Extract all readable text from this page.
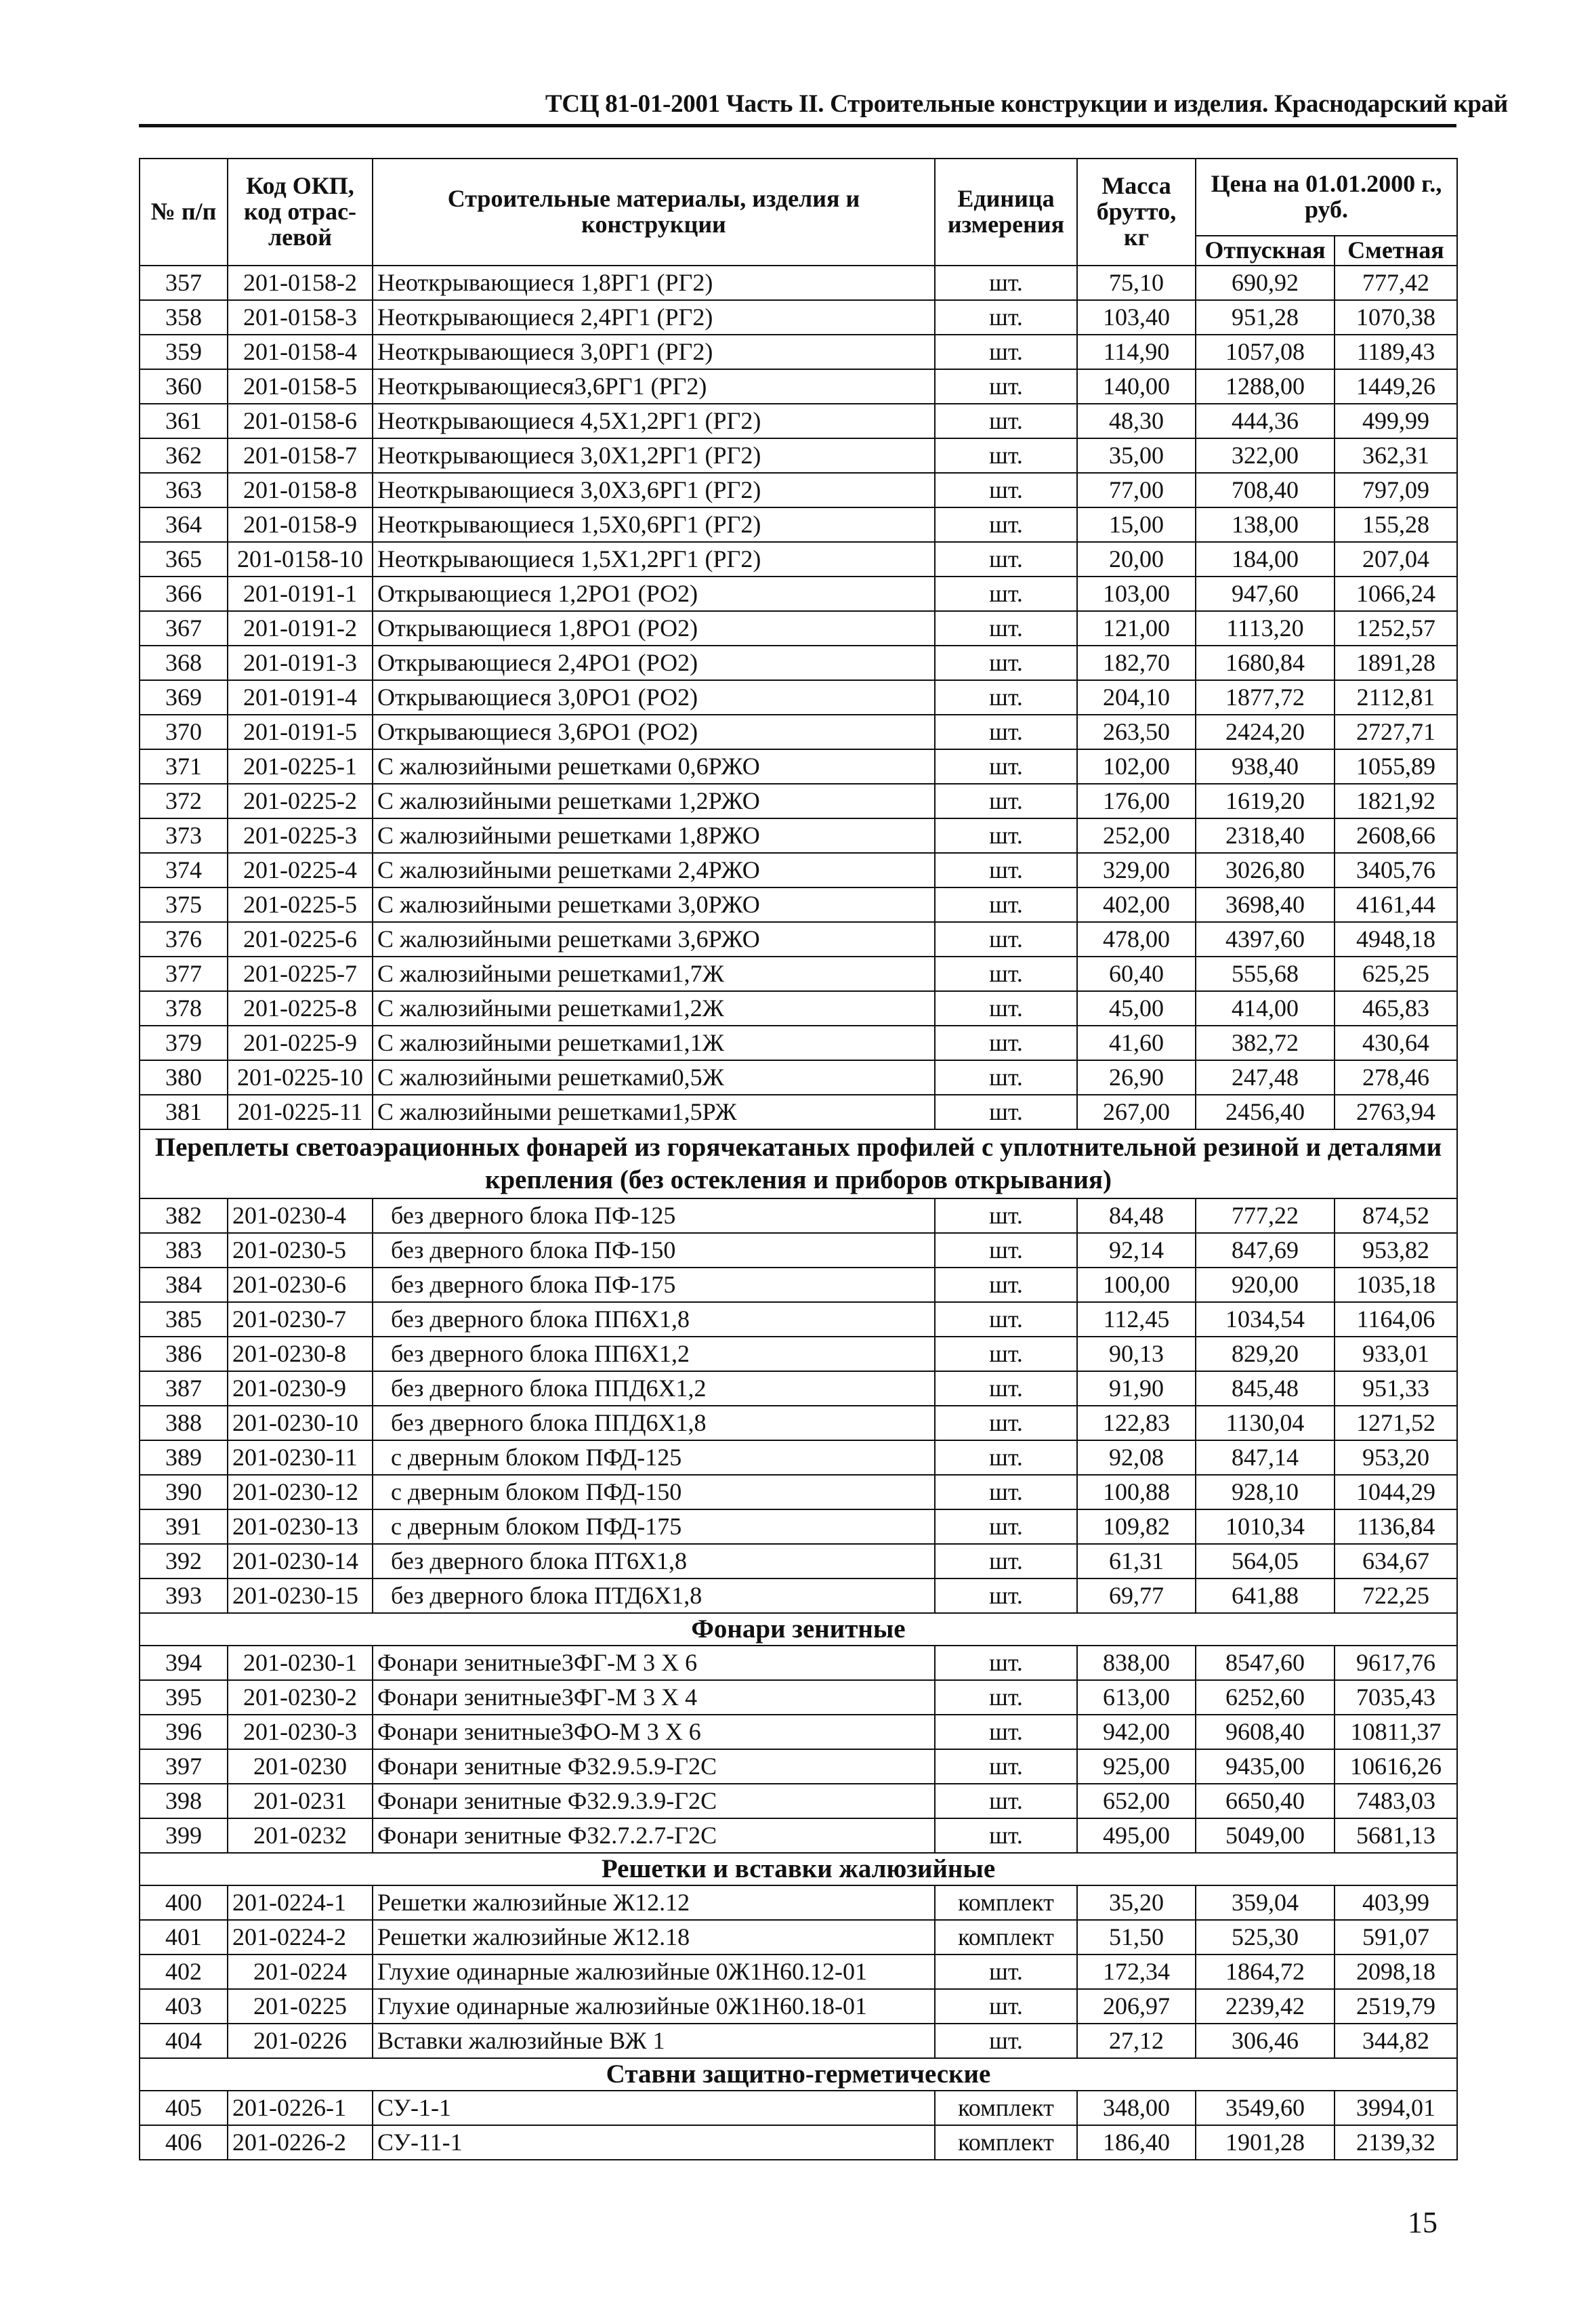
ТСЦ 81-01-2001 Часть II. Строительные конструкции и изделия. Краснодарский край
№ п/п	Код ОКП, код отрас- левой	Строительные материалы, изделия и конструкции	Единица измерения	Масса брутто, кг	Цена на 01.01.2000 г., руб.	
					Отпускная	Сметная
357	201-0158-2	Неоткрывающиеся 1,8РГ1 (РГ2)	шт.	75,10	690,92	777,42
358	201-0158-3	Неоткрывающиеся 2,4РГ1 (РГ2)	шт.	103,40	951,28	1070,38
359	201-0158-4	Неоткрывающиеся 3,0РГ1 (РГ2)	шт.	114,90	1057,08	1189,43
360	201-0158-5	Неоткрывающиеся3,6РГ1 (РГ2)	шт.	140,00	1288,00	1449,26
361	201-0158-6	Неоткрывающиеся 4,5Х1,2РГ1 (РГ2)	шт.	48,30	444,36	499,99
362	201-0158-7	Неоткрывающиеся 3,0Х1,2РГ1 (РГ2)	шт.	35,00	322,00	362,31
363	201-0158-8	Неоткрывающиеся 3,0Х3,6РГ1 (РГ2)	шт.	77,00	708,40	797,09
364	201-0158-9	Неоткрывающиеся 1,5Х0,6РГ1 (РГ2)	шт.	15,00	138,00	155,28
365	201-0158-10	Неоткрывающиеся 1,5Х1,2РГ1 (РГ2)	шт.	20,00	184,00	207,04
366	201-0191-1	Открывающиеся 1,2РО1 (РО2)	шт.	103,00	947,60	1066,24
367	201-0191-2	Открывающиеся 1,8РО1 (РО2)	шт.	121,00	1113,20	1252,57
368	201-0191-3	Открывающиеся 2,4РО1 (РО2)	шт.	182,70	1680,84	1891,28
369	201-0191-4	Открывающиеся 3,0РО1 (РО2)	шт.	204,10	1877,72	2112,81
370	201-0191-5	Открывающиеся 3,6РО1 (РО2)	шт.	263,50	2424,20	2727,71
371	201-0225-1	С жалюзийными решетками 0,6РЖО	шт.	102,00	938,40	1055,89
372	201-0225-2	С жалюзийными решетками 1,2РЖО	шт.	176,00	1619,20	1821,92
373	201-0225-3	С жалюзийными решетками 1,8РЖО	шт.	252,00	2318,40	2608,66
374	201-0225-4	С жалюзийными решетками 2,4РЖО	шт.	329,00	3026,80	3405,76
375	201-0225-5	С жалюзийными решетками 3,0РЖО	шт.	402,00	3698,40	4161,44
376	201-0225-6	С жалюзийными решетками 3,6РЖО	шт.	478,00	4397,60	4948,18
377	201-0225-7	С жалюзийными решетками1,7Ж	шт.	60,40	555,68	625,25
378	201-0225-8	С жалюзийными решетками1,2Ж	шт.	45,00	414,00	465,83
379	201-0225-9	С жалюзийными решетками1,1Ж	шт.	41,60	382,72	430,64
380	201-0225-10	С жалюзийными решетками0,5Ж	шт.	26,90	247,48	278,46
381	201-0225-11	С жалюзийными решетками1,5РЖ	шт.	267,00	2456,40	2763,94
Переплеты светоаэрационных фонарей из горячекатаных профилей с уплотнительной резиной и деталями крепления (без остекления и приборов открывания)						
382	201-0230-4	без дверного блока ПФ-125	шт.	84,48	777,22	874,52
383	201-0230-5	без дверного блока ПФ-150	шт.	92,14	847,69	953,82
384	201-0230-6	без дверного блока ПФ-175	шт.	100,00	920,00	1035,18
385	201-0230-7	без дверного блока ПП6Х1,8	шт.	112,45	1034,54	1164,06
386	201-0230-8	без дверного блока ПП6Х1,2	шт.	90,13	829,20	933,01
387	201-0230-9	без дверного блока ППД6Х1,2	шт.	91,90	845,48	951,33
388	201-0230-10	без дверного блока ППД6Х1,8	шт.	122,83	1130,04	1271,52
389	201-0230-11	с дверным блоком ПФД-125	шт.	92,08	847,14	953,20
390	201-0230-12	с дверным блоком ПФД-150	шт.	100,88	928,10	1044,29
391	201-0230-13	с дверным блоком ПФД-175	шт.	109,82	1010,34	1136,84
392	201-0230-14	без дверного блока ПТ6Х1,8	шт.	61,31	564,05	634,67
393	201-0230-15	без дверного блока ПТД6Х1,8	шт.	69,77	641,88	722,25
Фонари зенитные						
394	201-0230-1	Фонари зенитные3ФГ-М 3 Х 6	шт.	838,00	8547,60	9617,76
395	201-0230-2	Фонари зенитные3ФГ-М 3 Х 4	шт.	613,00	6252,60	7035,43
396	201-0230-3	Фонари зенитные3ФО-М 3 Х 6	шт.	942,00	9608,40	10811,37
397	201-0230	Фонари зенитные Ф32.9.5.9-Г2С	шт.	925,00	9435,00	10616,26
398	201-0231	Фонари зенитные Ф32.9.3.9-Г2С	шт.	652,00	6650,40	7483,03
399	201-0232	Фонари зенитные Ф32.7.2.7-Г2С	шт.	495,00	5049,00	5681,13
Решетки и вставки жалюзийные						
400	201-0224-1	Решетки жалюзийные Ж12.12	комплект	35,20	359,04	403,99
401	201-0224-2	Решетки жалюзийные Ж12.18	комплект	51,50	525,30	591,07
402	201-0224	Глухие одинарные жалюзийные 0Ж1Н60.12-01	шт.	172,34	1864,72	2098,18
403	201-0225	Глухие одинарные жалюзийные 0Ж1Н60.18-01	шт.	206,97	2239,42	2519,79
404	201-0226	Вставки жалюзийные ВЖ 1	шт.	27,12	306,46	344,82
Ставни защитно-герметические						
405	201-0226-1	СУ-1-1	комплект	348,00	3549,60	3994,01
406	201-0226-2	СУ-11-1	комплект	186,40	1901,28	2139,32
15
